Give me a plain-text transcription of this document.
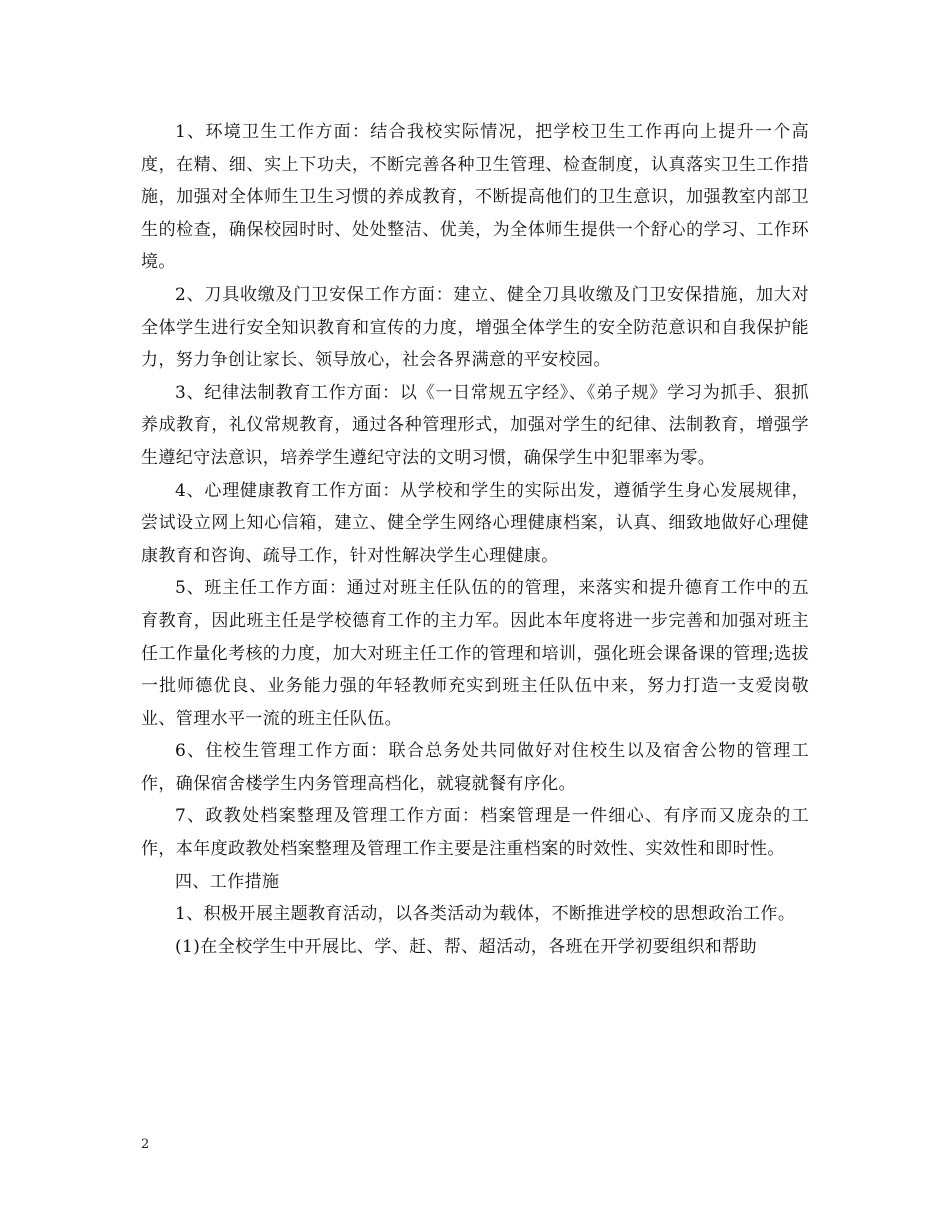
1、环境卫生工作方面：结合我校实际情况，把学校卫生工作再向上提升一个高度，在精、细、实上下功夫，不断完善各种卫生管理、检查制度，认真落实卫生工作措施，加强对全体师生卫生习惯的养成教育，不断提高他们的卫生意识，加强教室内部卫生的检查，确保校园时时、处处整洁、优美，为全体师生提供一个舒心的学习、工作环境。

2、刀具收缴及门卫安保工作方面：建立、健全刀具收缴及门卫安保措施，加大对全体学生进行安全知识教育和宣传的力度，增强全体学生的安全防范意识和自我保护能力，努力争创让家长、领导放心，社会各界满意的平安校园。

3、纪律法制教育工作方面：以《一日常规五字经》、《弟子规》学习为抓手、狠抓养成教育，礼仪常规教育，通过各种管理形式，加强对学生的纪律、法制教育，增强学生遵纪守法意识，培养学生遵纪守法的文明习惯，确保学生中犯罪率为零。

4、心理健康教育工作方面：从学校和学生的实际出发，遵循学生身心发展规律，尝试设立网上知心信箱，建立、健全学生网络心理健康档案，认真、细致地做好心理健康教育和咨询、疏导工作，针对性解决学生心理健康。

5、班主任工作方面：通过对班主任队伍的的管理，来落实和提升德育工作中的五育教育，因此班主任是学校德育工作的主力军。因此本年度将进一步完善和加强对班主任工作量化考核的力度，加大对班主任工作的管理和培训，强化班会课备课的管理;选拔一批师德优良、业务能力强的年轻教师充实到班主任队伍中来，努力打造一支爱岗敬业、管理水平一流的班主任队伍。

6、住校生管理工作方面：联合总务处共同做好对住校生以及宿舍公物的管理工作，确保宿舍楼学生内务管理高档化，就寝就餐有序化。

7、政教处档案整理及管理工作方面：档案管理是一件细心、有序而又庞杂的工作，本年度政教处档案整理及管理工作主要是注重档案的时效性、实效性和即时性。

四、工作措施

1、积极开展主题教育活动，以各类活动为载体，不断推进学校的思想政治工作。

(1)在全校学生中开展比、学、赶、帮、超活动，各班在开学初要组织和帮助

2
